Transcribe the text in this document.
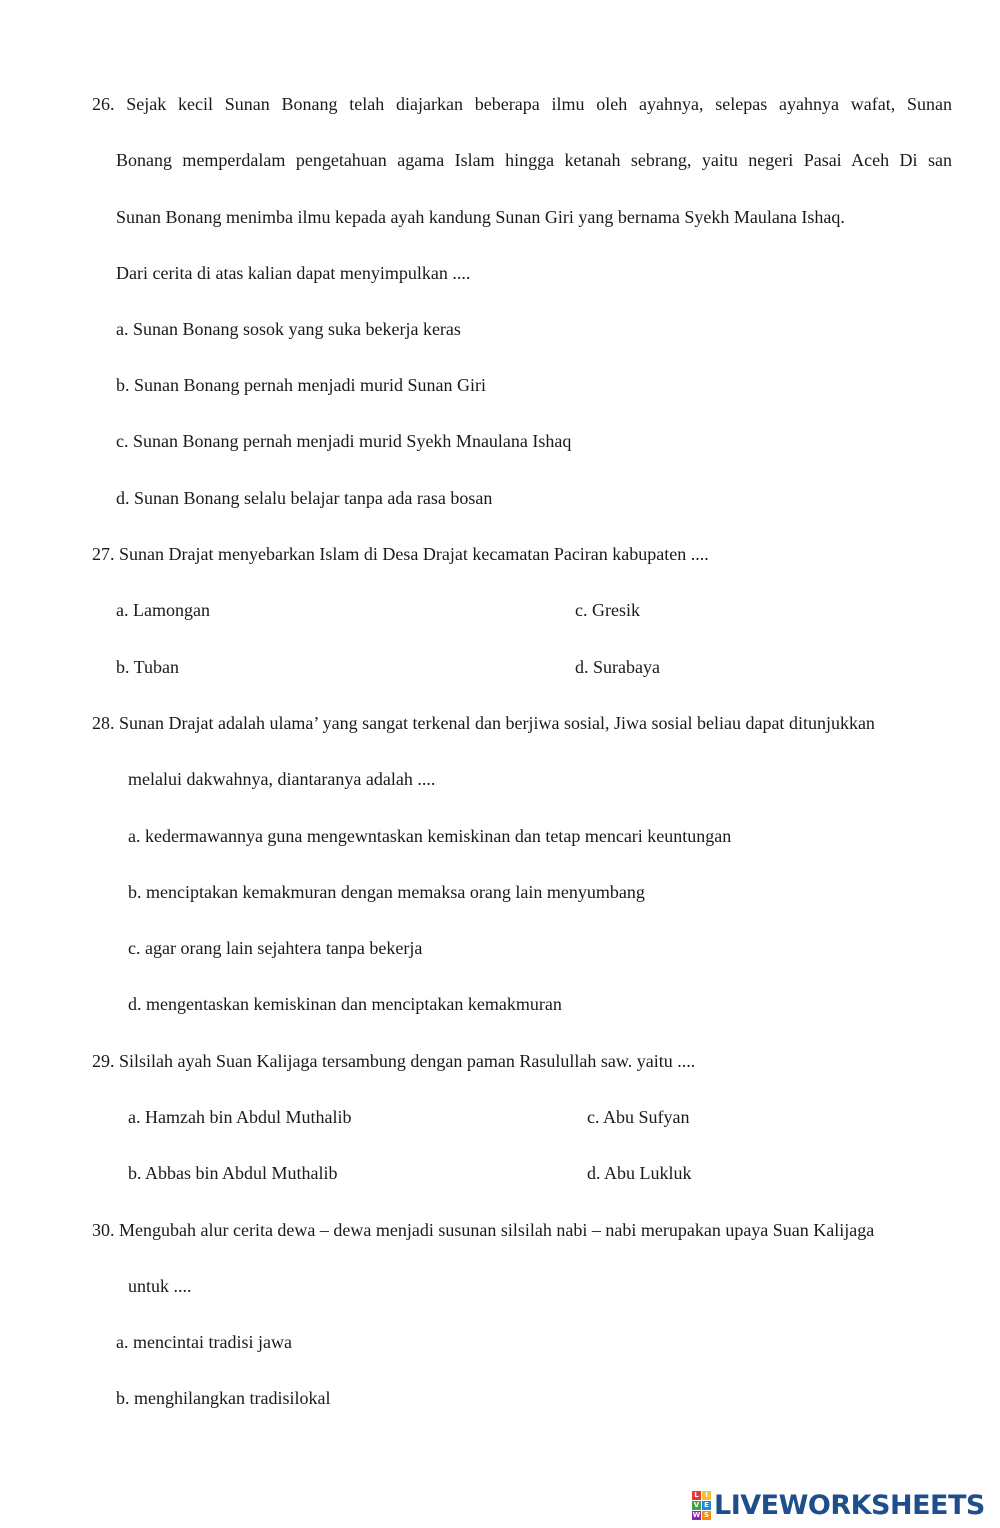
26. Sejak kecil Sunan Bonang telah diajarkan beberapa ilmu oleh ayahnya, selepas ayahnya wafat, Sunan
Bonang memperdalam pengetahuan agama Islam hingga ketanah sebrang, yaitu negeri Pasai Aceh Di san
Sunan Bonang menimba ilmu kepada ayah kandung Sunan Giri yang bernama Syekh Maulana Ishaq.
Dari cerita di atas kalian dapat menyimpulkan ....
a. Sunan Bonang sosok yang suka bekerja keras
b. Sunan Bonang pernah menjadi murid Sunan Giri
c. Sunan Bonang pernah menjadi murid Syekh Mnaulana Ishaq
d. Sunan Bonang selalu belajar tanpa ada rasa bosan
27. Sunan Drajat menyebarkan Islam di Desa Drajat kecamatan Paciran kabupaten ....
a. Lamongan	c. Gresik
b. Tuban	d. Surabaya
28. Sunan Drajat adalah ulama’ yang sangat terkenal dan berjiwa sosial, Jiwa sosial beliau dapat ditunjukkan
melalui dakwahnya, diantaranya adalah ....
a. kedermawannya guna mengewntaskan kemiskinan dan tetap mencari keuntungan
b. menciptakan kemakmuran dengan memaksa orang lain menyumbang
c. agar orang lain sejahtera tanpa bekerja
d. mengentaskan kemiskinan dan menciptakan kemakmuran
29. Silsilah ayah Suan Kalijaga tersambung dengan paman Rasulullah saw. yaitu ....
a. Hamzah bin Abdul Muthalib	c. Abu Sufyan
b. Abbas bin Abdul Muthalib	d. Abu Lukluk
30. Mengubah alur cerita dewa – dewa menjadi susunan silsilah nabi – nabi merupakan upaya Suan Kalijaga
untuk ....
a. mencintai tradisi jawa
b. menghilangkan tradisilokal
L I
V E
W S LIVEWORKSHEETS
